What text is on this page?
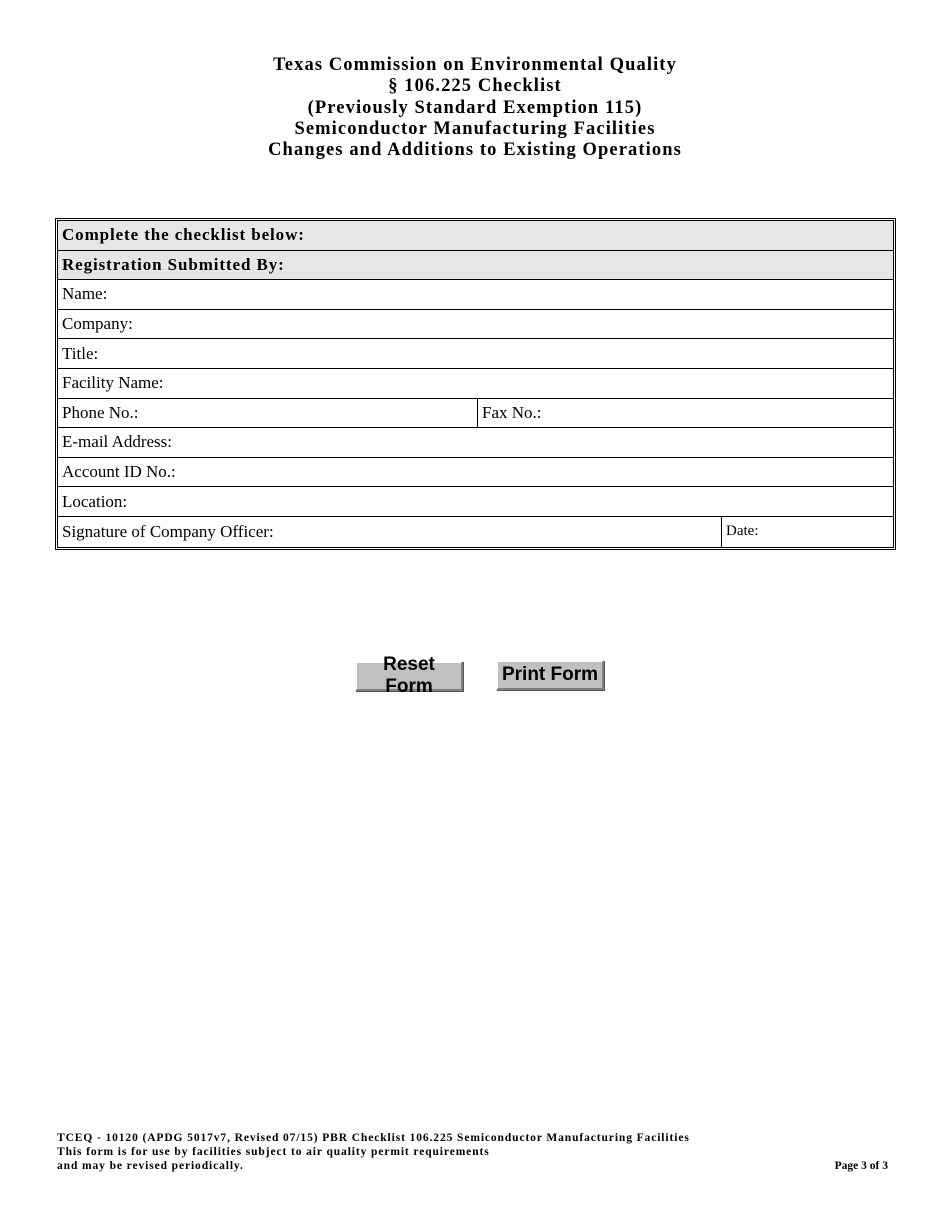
Texas Commission on Environmental Quality
§ 106.225 Checklist
(Previously Standard Exemption 115)
Semiconductor Manufacturing Facilities
Changes and Additions to Existing Operations
Complete the checklist below:
Registration Submitted By:
Name:
Company:
Title:
Facility Name:
Phone No.:	Fax No.:
E-mail Address:
Account ID No.:
Location:
Signature of Company Officer:	Date:
Reset Form
Print Form
TCEQ - 10120 (APDG 5017v7, Revised 07/15) PBR Checklist 106.225 Semiconductor Manufacturing Facilities
This form is for use by facilities subject to air quality permit requirements
and may be revised periodically.	Page 3 of 3
